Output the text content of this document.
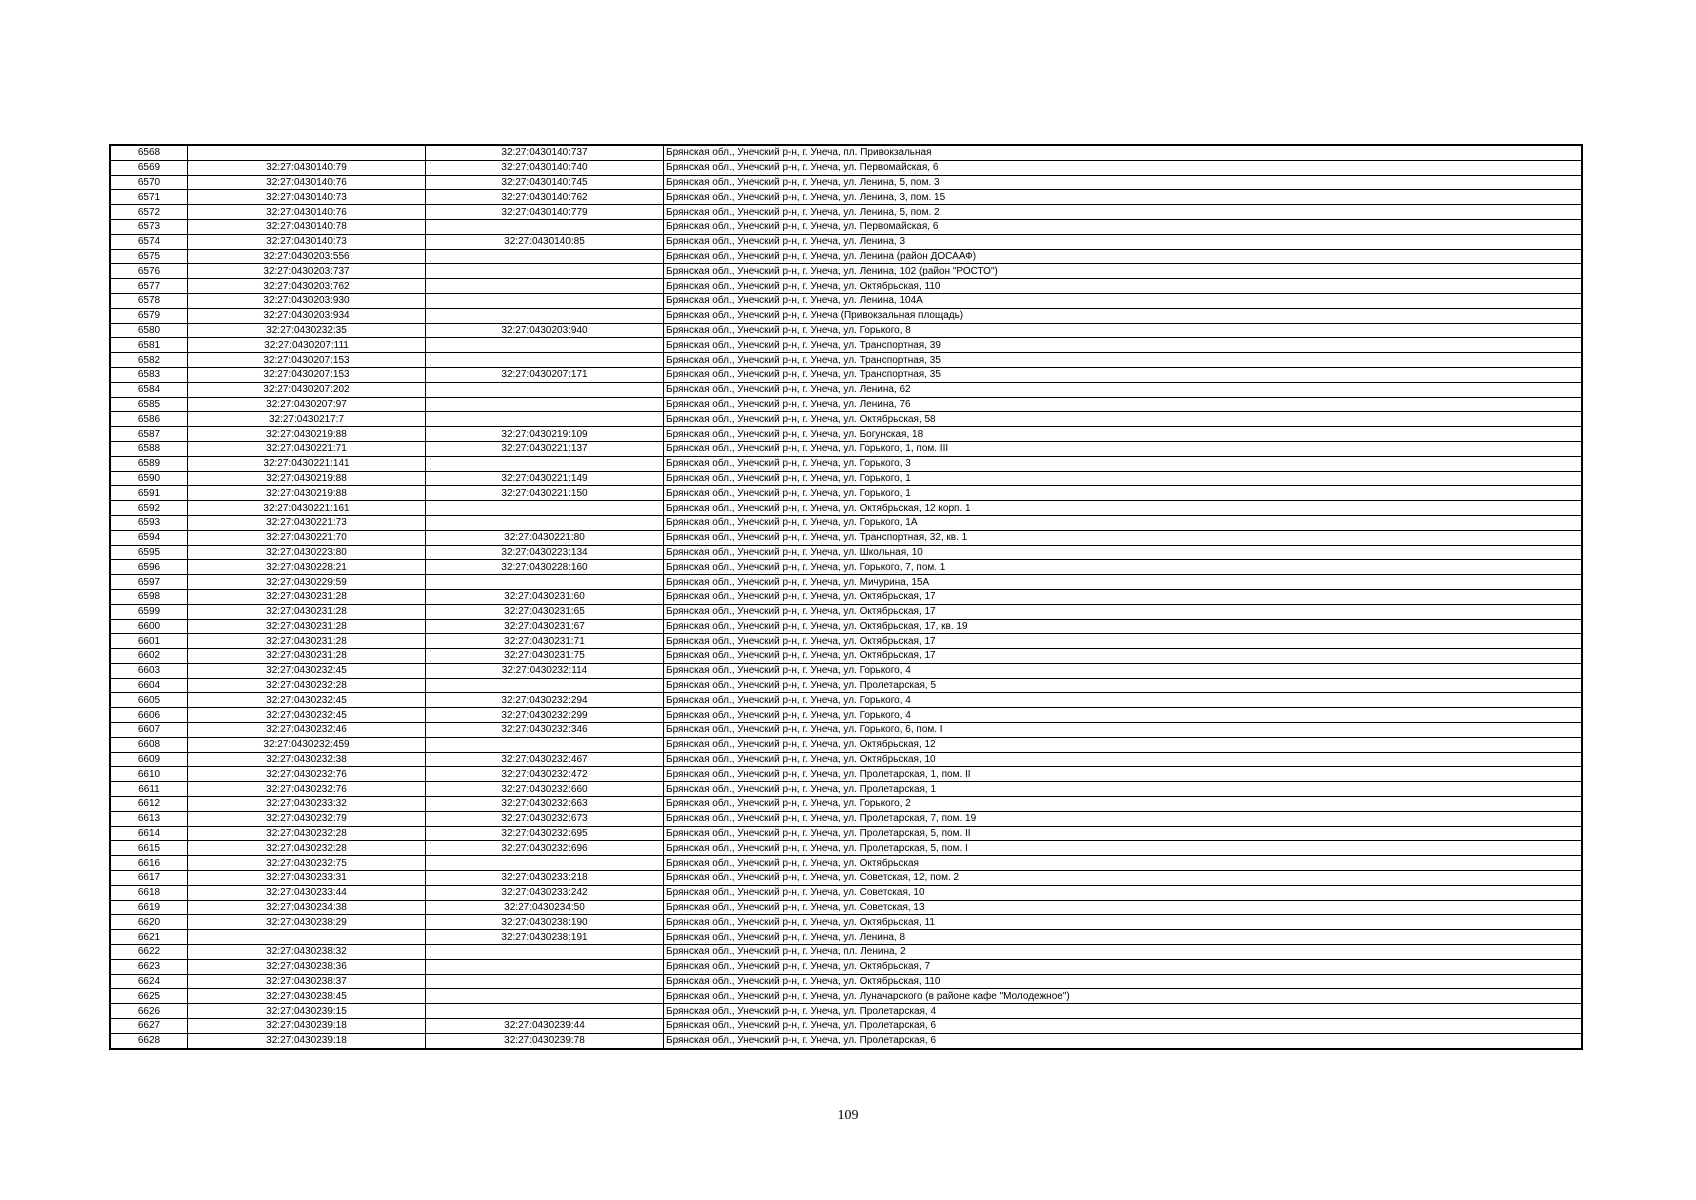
6568		32:27:0430140:737	Брянская обл., Унечский р-н, г. Унеча, пл. Привокзальная
6569	32:27:0430140:79	32:27:0430140:740	Брянская обл., Унечский р-н, г. Унеча, ул. Первомайская, 6
6570	32:27:0430140:76	32:27:0430140:745	Брянская обл., Унечский р-н, г. Унеча, ул. Ленина, 5, пом. 3
6571	32:27:0430140:73	32:27:0430140:762	Брянская обл., Унечский р-н, г. Унеча, ул. Ленина, 3, пом. 15
6572	32:27:0430140:76	32:27:0430140:779	Брянская обл., Унечский р-н, г. Унеча, ул. Ленина, 5, пом. 2
6573	32:27:0430140:78		Брянская обл., Унечский р-н, г. Унеча, ул. Первомайская, 6
6574	32:27:0430140:73	32:27:0430140:85	Брянская обл., Унечский р-н, г. Унеча, ул. Ленина, 3
6575	32:27:0430203:556		Брянская обл., Унечский р-н, г. Унеча, ул. Ленина (район ДОСААФ)
6576	32:27:0430203:737		Брянская обл., Унечский р-н, г. Унеча, ул. Ленина, 102 (район "РОСТО")
6577	32:27:0430203:762		Брянская обл., Унечский р-н, г. Унеча, ул. Октябрьская, 110
6578	32:27:0430203:930		Брянская обл., Унечский р-н, г. Унеча, ул. Ленина, 104А
6579	32:27:0430203:934		Брянская обл., Унечский р-н, г. Унеча (Привокзальная площадь)
6580	32:27:0430232:35	32:27:0430203:940	Брянская обл., Унечский р-н, г. Унеча, ул. Горького, 8
6581	32:27:0430207:111		Брянская обл., Унечский р-н, г. Унеча, ул. Транспортная, 39
6582	32:27:0430207:153		Брянская обл., Унечский р-н, г. Унеча, ул. Транспортная, 35
6583	32:27:0430207:153	32:27:0430207:171	Брянская обл., Унечский р-н, г. Унеча, ул. Транспортная, 35
6584	32:27:0430207:202		Брянская обл., Унечский р-н, г. Унеча, ул. Ленина, 62
6585	32:27:0430207:97		Брянская обл., Унечский р-н, г. Унеча, ул. Ленина, 76
6586	32:27:0430217:7		Брянская обл., Унечский р-н, г. Унеча, ул. Октябрьская, 58
6587	32:27:0430219:88	32:27:0430219:109	Брянская обл., Унечский р-н, г. Унеча, ул. Богунская, 18
6588	32:27:0430221:71	32:27:0430221:137	Брянская обл., Унечский р-н, г. Унеча, ул. Горького, 1, пом. III
6589	32:27:0430221:141		Брянская обл., Унечский р-н, г. Унеча, ул. Горького, 3
6590	32:27:0430219:88	32:27:0430221:149	Брянская обл., Унечский р-н, г. Унеча, ул. Горького, 1
6591	32:27:0430219:88	32:27:0430221:150	Брянская обл., Унечский р-н, г. Унеча, ул. Горького, 1
6592	32:27:0430221:161		Брянская обл., Унечский р-н, г. Унеча, ул. Октябрьская, 12 корп. 1
6593	32:27:0430221:73		Брянская обл., Унечский р-н, г. Унеча, ул. Горького, 1А
6594	32:27:0430221:70	32:27:0430221:80	Брянская обл., Унечский р-н, г. Унеча, ул. Транспортная, 32, кв. 1
6595	32:27:0430223:80	32:27:0430223:134	Брянская обл., Унечский р-н, г. Унеча, ул. Школьная, 10
6596	32:27:0430228:21	32:27:0430228:160	Брянская обл., Унечский р-н, г. Унеча, ул. Горького, 7, пом. 1
6597	32:27:0430229:59		Брянская обл., Унечский р-н, г. Унеча, ул. Мичурина, 15А
6598	32:27:0430231:28	32:27:0430231:60	Брянская обл., Унечский р-н, г. Унеча, ул. Октябрьская, 17
6599	32:27:0430231:28	32:27:0430231:65	Брянская обл., Унечский р-н, г. Унеча, ул. Октябрьская, 17
6600	32:27:0430231:28	32:27:0430231:67	Брянская обл., Унечский р-н, г. Унеча, ул. Октябрьская, 17, кв. 19
6601	32:27:0430231:28	32:27:0430231:71	Брянская обл., Унечский р-н, г. Унеча, ул. Октябрьская, 17
6602	32:27:0430231:28	32:27:0430231:75	Брянская обл., Унечский р-н, г. Унеча, ул. Октябрьская, 17
6603	32:27:0430232:45	32:27:0430232:114	Брянская обл., Унечский р-н, г. Унеча, ул. Горького, 4
6604	32:27:0430232:28		Брянская обл., Унечский р-н, г. Унеча, ул. Пролетарская, 5
6605	32:27:0430232:45	32:27:0430232:294	Брянская обл., Унечский р-н, г. Унеча, ул. Горького, 4
6606	32:27:0430232:45	32:27:0430232:299	Брянская обл., Унечский р-н, г. Унеча, ул. Горького, 4
6607	32:27:0430232:46	32:27:0430232:346	Брянская обл., Унечский р-н, г. Унеча, ул. Горького, 6, пом. I
6608	32:27:0430232:459		Брянская обл., Унечский р-н, г. Унеча, ул. Октябрьская, 12
6609	32:27:0430232:38	32:27:0430232:467	Брянская обл., Унечский р-н, г. Унеча, ул. Октябрьская, 10
6610	32:27:0430232:76	32:27:0430232:472	Брянская обл., Унечский р-н, г. Унеча, ул. Пролетарская, 1, пом. II
6611	32:27:0430232:76	32:27:0430232:660	Брянская обл., Унечский р-н, г. Унеча, ул. Пролетарская, 1
6612	32:27:0430233:32	32:27:0430232:663	Брянская обл., Унечский р-н, г. Унеча, ул. Горького, 2
6613	32:27:0430232:79	32:27:0430232:673	Брянская обл., Унечский р-н, г. Унеча, ул. Пролетарская, 7, пом. 19
6614	32:27:0430232:28	32:27:0430232:695	Брянская обл., Унечский р-н, г. Унеча, ул. Пролетарская, 5, пом. II
6615	32:27:0430232:28	32:27:0430232:696	Брянская обл., Унечский р-н, г. Унеча, ул. Пролетарская, 5, пом. I
6616	32:27:0430232:75		Брянская обл., Унечский р-н, г. Унеча, ул. Октябрьская
6617	32:27:0430233:31	32:27:0430233:218	Брянская обл., Унечский р-н, г. Унеча, ул. Советская, 12, пом. 2
6618	32:27:0430233:44	32:27:0430233:242	Брянская обл., Унечский р-н, г. Унеча, ул. Советская, 10
6619	32:27:0430234:38	32:27:0430234:50	Брянская обл., Унечский р-н, г. Унеча, ул. Советская, 13
6620	32:27:0430238:29	32:27:0430238:190	Брянская обл., Унечский р-н, г. Унеча, ул. Октябрьская, 11
6621		32:27:0430238:191	Брянская обл., Унечский р-н, г. Унеча, ул. Ленина, 8
6622	32:27:0430238:32		Брянская обл., Унечский р-н, г. Унеча, пл. Ленина, 2
6623	32:27:0430238:36		Брянская обл., Унечский р-н, г. Унеча, ул. Октябрьская, 7
6624	32:27:0430238:37		Брянская обл., Унечский р-н, г. Унеча, ул. Октябрьская, 110
6625	32:27:0430238:45		Брянская обл., Унечский р-н, г. Унеча, ул. Луначарского (в районе кафе "Молодежное")
6626	32:27:0430239:15		Брянская обл., Унечский р-н, г. Унеча, ул. Пролетарская, 4
6627	32:27:0430239:18	32:27:0430239:44	Брянская обл., Унечский р-н, г. Унеча, ул. Пролетарская, 6
6628	32:27:0430239:18	32:27:0430239:78	Брянская обл., Унечский р-н, г. Унеча, ул. Пролетарская, 6
109
